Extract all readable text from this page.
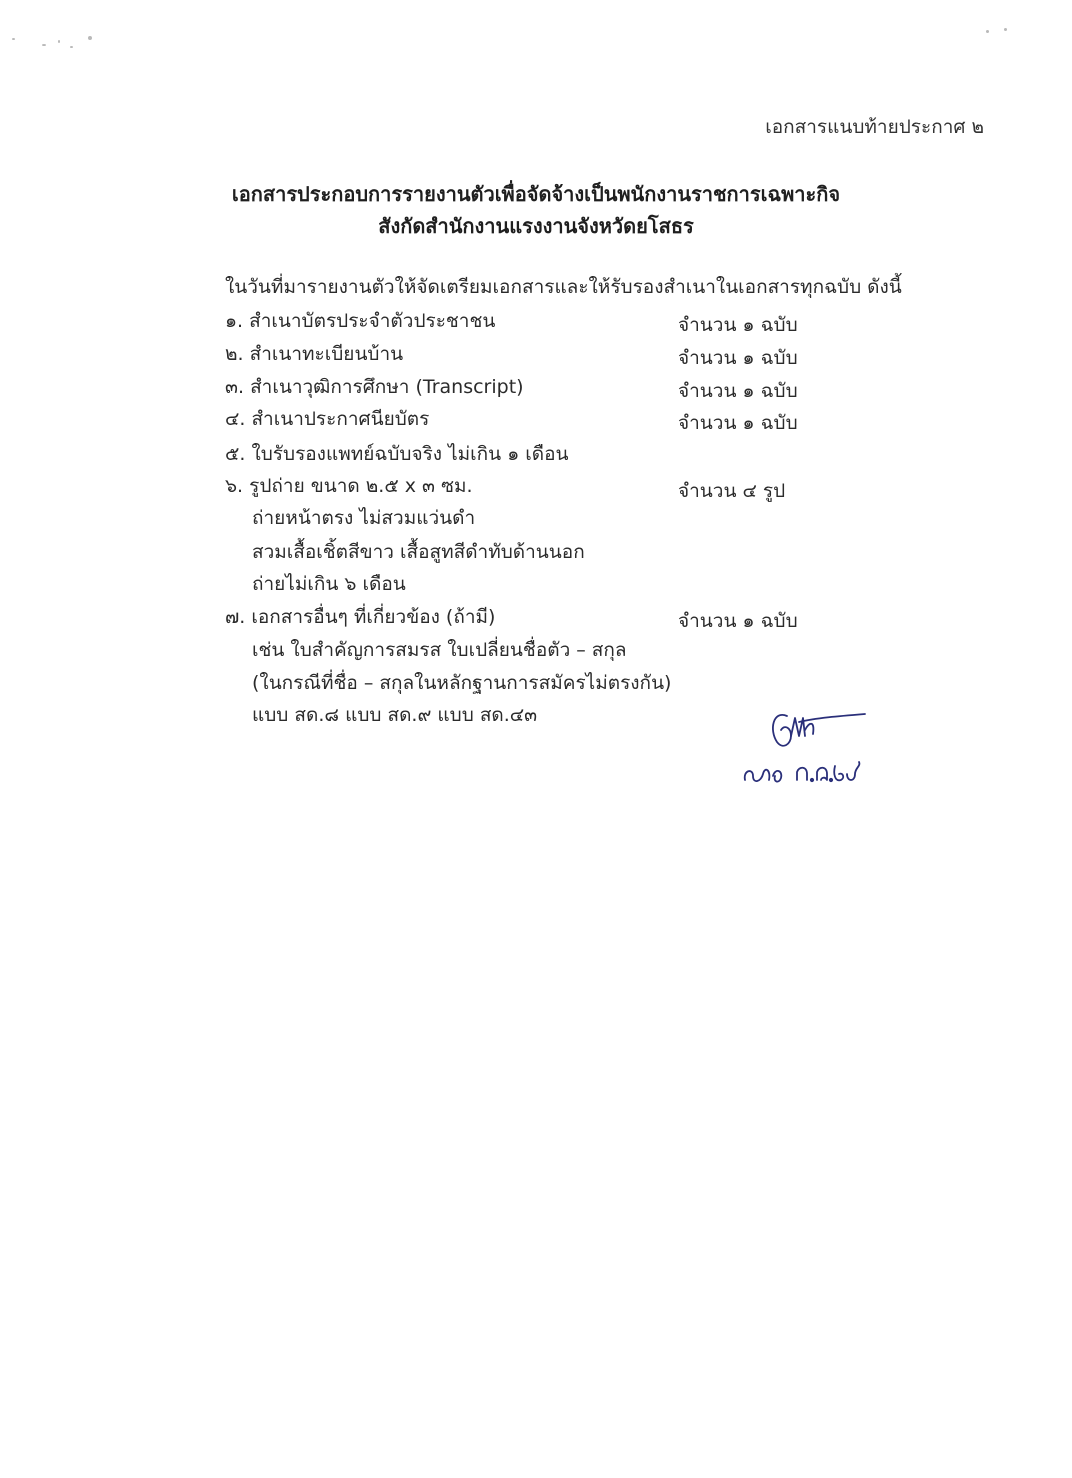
เอกสารแนบท้ายประกาศ ๒
เอกสารประกอบการรายงานตัวเพื่อจัดจ้างเป็นพนักงานราชการเฉพาะกิจ
สังกัดสำนักงานแรงงานจังหวัดยโสธร
ในวันที่มารายงานตัวให้จัดเตรียมเอกสารและให้รับรองสำเนาในเอกสารทุกฉบับ ดังนี้
๑. สำเนาบัตรประจำตัวประชาชน	จำนวน ๑ ฉบับ
๒. สำเนาทะเบียนบ้าน	จำนวน ๑ ฉบับ
๓. สำเนาวุฒิการศึกษา (Transcript)	จำนวน ๑ ฉบับ
๔. สำเนาประกาศนียบัตร	จำนวน ๑ ฉบับ
๕. ใบรับรองแพทย์ฉบับจริง ไม่เกิน ๑ เดือน
๖. รูปถ่าย ขนาด ๒.๕ x ๓ ซม.	จำนวน ๔ รูป
ถ่ายหน้าตรง ไม่สวมแว่นดำ
สวมเสื้อเชิ้ตสีขาว เสื้อสูทสีดำทับด้านนอก
ถ่ายไม่เกิน ๖ เดือน
๗. เอกสารอื่นๆ ที่เกี่ยวข้อง (ถ้ามี)	จำนวน ๑ ฉบับ
เช่น ใบสำคัญการสมรส ใบเปลี่ยนชื่อตัว – สกุล
(ในกรณีที่ชื่อ – สกุลในหลักฐานการสมัครไม่ตรงกัน)
แบบ สด.๘ แบบ สด.๙ แบบ สด.๔๓
